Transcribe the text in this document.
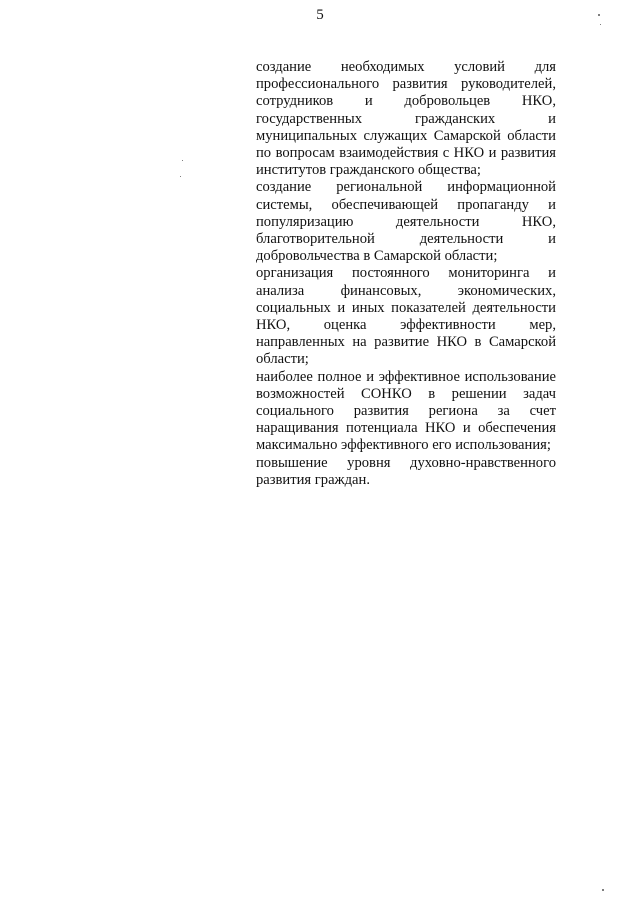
5

создание необходимых условий для профессионального развития руководителей, сотрудников и добровольцев НКО, государственных гражданских и муниципальных служащих Самарской области по вопросам взаимодействия с НКО и развития институтов гражданского общества;

создание региональной информационной системы, обеспечивающей пропаганду и популяризацию деятельности НКО, благотворительной деятельности и добровольчества в Самарской области;

организация постоянного мониторинга и анализа финансовых, экономических, социальных и иных показателей деятельности НКО, оценка эффективности мер, направленных на развитие НКО в Самарской области;

наиболее полное и эффективное использование возможностей СОНКО в решении задач социального развития региона за счет наращивания потенциала НКО и обеспечения максимально эффективного его использования;

повышение уровня духовно-нравственного развития граждан.
